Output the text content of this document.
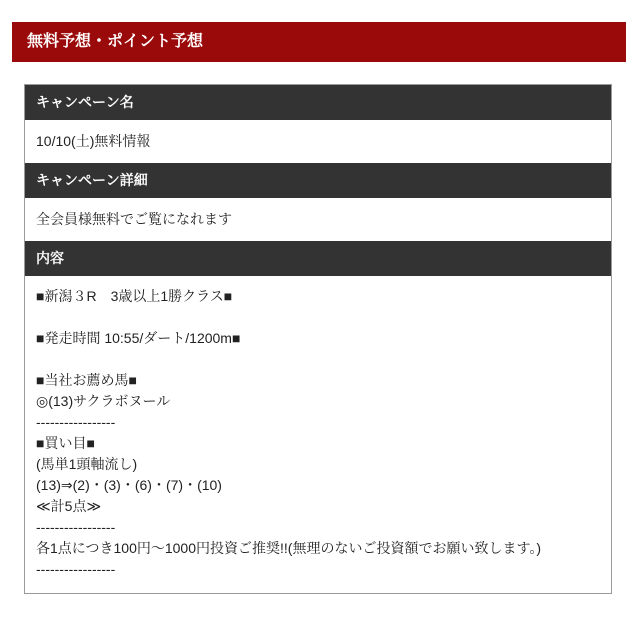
無料予想・ポイント予想
キャンペーン名
10/10(土)無料情報
キャンペーン詳細
全会員様無料でご覧になれます
内容
■新潟３R　3歳以上1勝クラス■
■発走時間 10:55/ダート/1200m■
■当社お薦め馬■
◎(13)サクラボヌール
-----------------
■買い目■
(馬単1頭軸流し)
(13)⇒(2)・(3)・(6)・(7)・(10)
≪計5点≫
-----------------
各1点につき100円〜1000円投資ご推奨!!(無理のないご投資額でお願い致します。)
-----------------
